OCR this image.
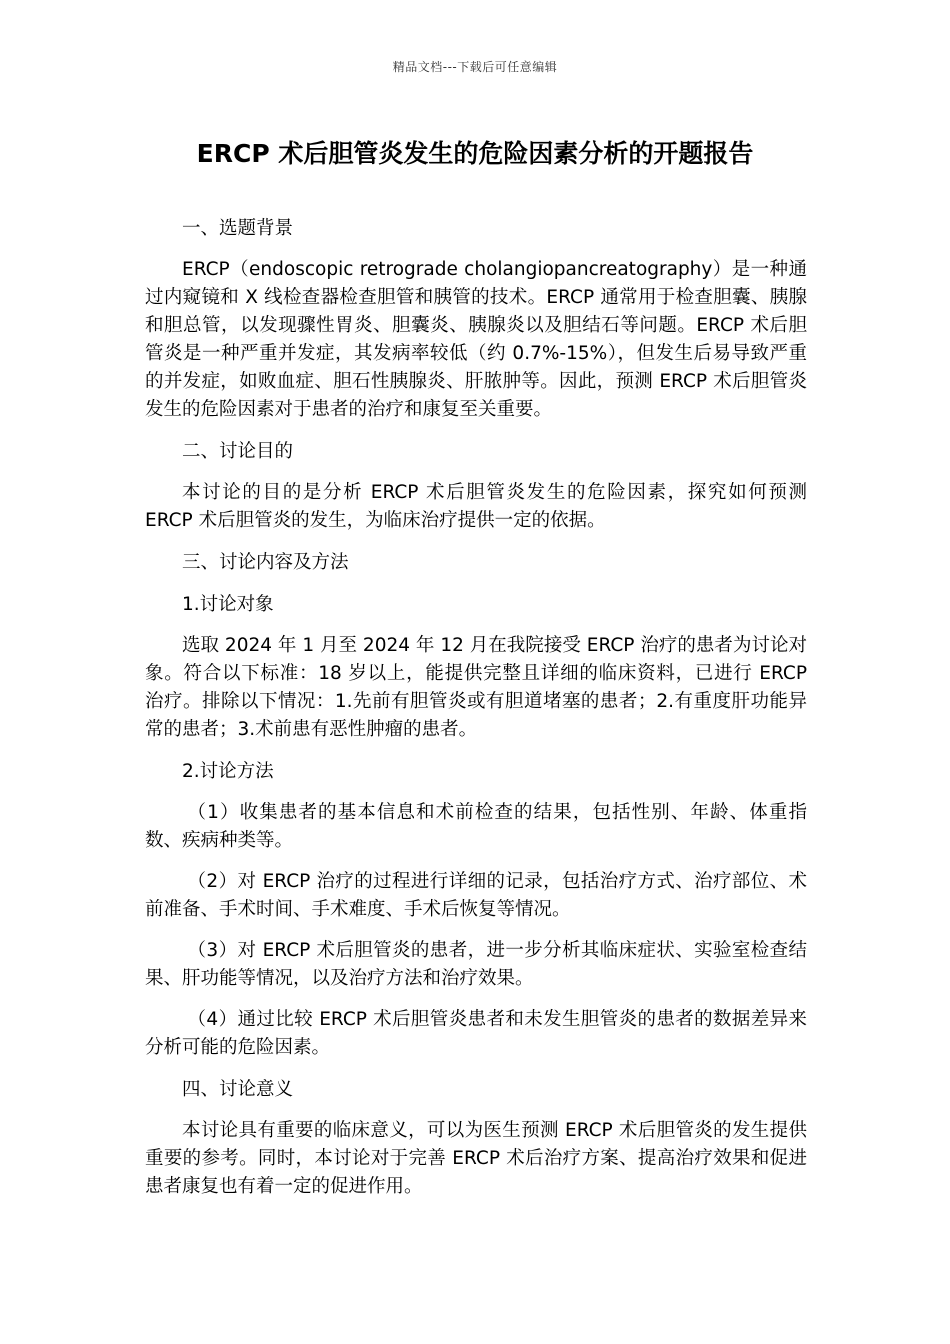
精品文档---下载后可任意编辑
ERCP 术后胆管炎发生的危险因素分析的开题报告

一、选题背景

ERCP（endoscopic retrograde cholangiopancreatography）是一种通过内窥镜和 X 线检查器检查胆管和胰管的技术。ERCP 通常用于检查胆囊、胰腺和胆总管，以发现骤性胃炎、胆囊炎、胰腺炎以及胆结石等问题。ERCP 术后胆管炎是一种严重并发症，其发病率较低（约 0.7%-15%），但发生后易导致严重的并发症，如败血症、胆石性胰腺炎、肝脓肿等。因此，预测 ERCP 术后胆管炎发生的危险因素对于患者的治疗和康复至关重要。

二、讨论目的

本讨论的目的是分析 ERCP 术后胆管炎发生的危险因素，探究如何预测 ERCP 术后胆管炎的发生，为临床治疗提供一定的依据。

三、讨论内容及方法

1.讨论对象

选取 2024 年 1 月至 2024 年 12 月在我院接受 ERCP 治疗的患者为讨论对象。符合以下标准：18 岁以上，能提供完整且详细的临床资料，已进行 ERCP 治疗。排除以下情况：1.先前有胆管炎或有胆道堵塞的患者；2.有重度肝功能异常的患者；3.术前患有恶性肿瘤的患者。

2.讨论方法

（1）收集患者的基本信息和术前检查的结果，包括性别、年龄、体重指数、疾病种类等。

（2）对 ERCP 治疗的过程进行详细的记录，包括治疗方式、治疗部位、术前准备、手术时间、手术难度、手术后恢复等情况。

（3）对 ERCP 术后胆管炎的患者，进一步分析其临床症状、实验室检查结果、肝功能等情况，以及治疗方法和治疗效果。

（4）通过比较 ERCP 术后胆管炎患者和未发生胆管炎的患者的数据差异来分析可能的危险因素。

四、讨论意义

本讨论具有重要的临床意义，可以为医生预测 ERCP 术后胆管炎的发生提供重要的参考。同时，本讨论对于完善 ERCP 术后治疗方案、提高治疗效果和促进患者康复也有着一定的促进作用。
